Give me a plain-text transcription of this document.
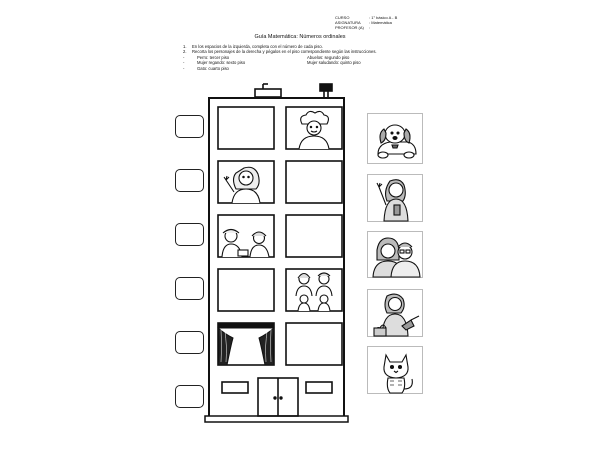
CURSO	: 1° básico A - B
ASIGNATURA	: Matemática
PROFESOR (A) :
Guía Matemática: Números ordinales
1.	En los espacios de la izquierda, completa con el número de cada piso.
2.	Recorta los personajes de la derecha y pégalos en el piso correspondiente según las instrucciones.
-	Perro: tercer piso	Abuelos: segundo piso
-	Mujer regando: sexto piso	Mujer saludando: quinto piso
-	Gato: cuarto piso
